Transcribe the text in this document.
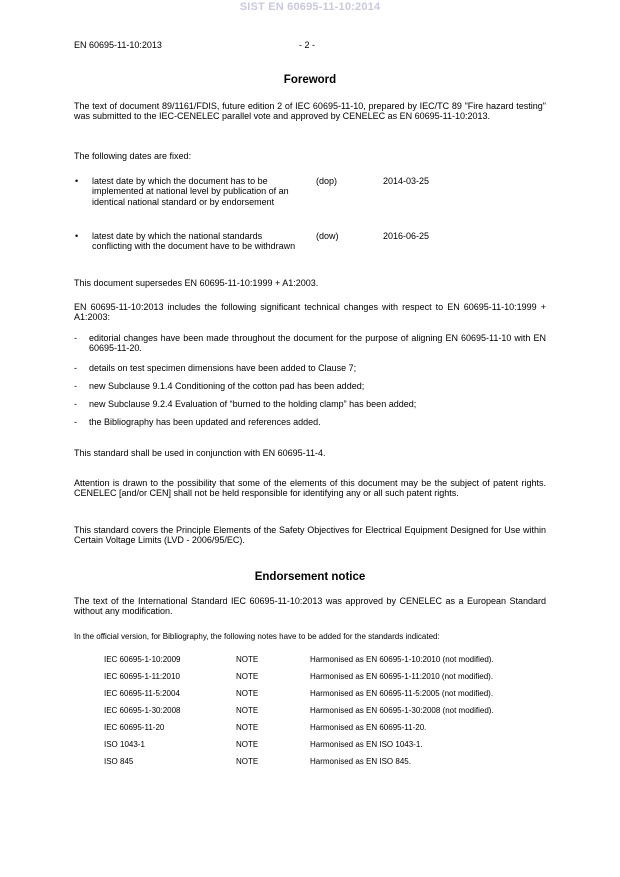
SIST EN 60695-11-10:2014
EN 60695-11-10:2013	- 2 -
Foreword
The text of document 89/1161/FDIS, future edition 2 of IEC 60695-11-10, prepared by IEC/TC 89 "Fire hazard testing" was submitted to the IEC-CENELEC parallel vote and approved by CENELEC as EN 60695-11-10:2013.
The following dates are fixed:
• latest date by which the document has to be implemented at national level by publication of an identical national standard or by endorsement
(dop)	2014-03-25
• latest date by which the national standards conflicting with the document have to be withdrawn
(dow)	2016-06-25
This document supersedes EN 60695-11-10:1999 + A1:2003.
EN 60695-11-10:2013 includes the following significant technical changes with respect to EN 60695-11-10:1999 + A1:2003:
- editorial changes have been made throughout the document for the purpose of aligning EN 60695-11-10 with EN 60695-11-20.
- details on test specimen dimensions have been added to Clause 7;
- new Subclause 9.1.4 Conditioning of the cotton pad has been added;
- new Subclause 9.2.4 Evaluation of “burned to the holding clamp” has been added;
- the Bibliography has been updated and references added.
This standard shall be used in conjunction with EN 60695-11-4.
Attention is drawn to the possibility that some of the elements of this document may be the subject of patent rights. CENELEC [and/or CEN] shall not be held responsible for identifying any or all such patent rights.
This standard covers the Principle Elements of the Safety Objectives for Electrical Equipment Designed for Use within Certain Voltage Limits (LVD - 2006/95/EC).
Endorsement notice
The text of the International Standard IEC 60695-11-10:2013 was approved by CENELEC as a European Standard without any modification.
In the official version, for Bibliography, the following notes have to be added for the standards indicated:
IEC 60695-1-10:2009	NOTE	Harmonised as EN 60695-1-10:2010 (not modified).
IEC 60695-1-11:2010	NOTE	Harmonised as EN 60695-1-11:2010 (not modified).
IEC 60695-11-5:2004	NOTE	Harmonised as EN 60695-11-5:2005 (not modified).
IEC 60695-1-30:2008	NOTE	Harmonised as EN 60695-1-30:2008 (not modified).
IEC 60695-11-20	NOTE	Harmonised as EN 60695-11-20.
ISO 1043-1	NOTE	Harmonised as EN ISO 1043-1.
ISO 845	NOTE	Harmonised as EN ISO 845.
